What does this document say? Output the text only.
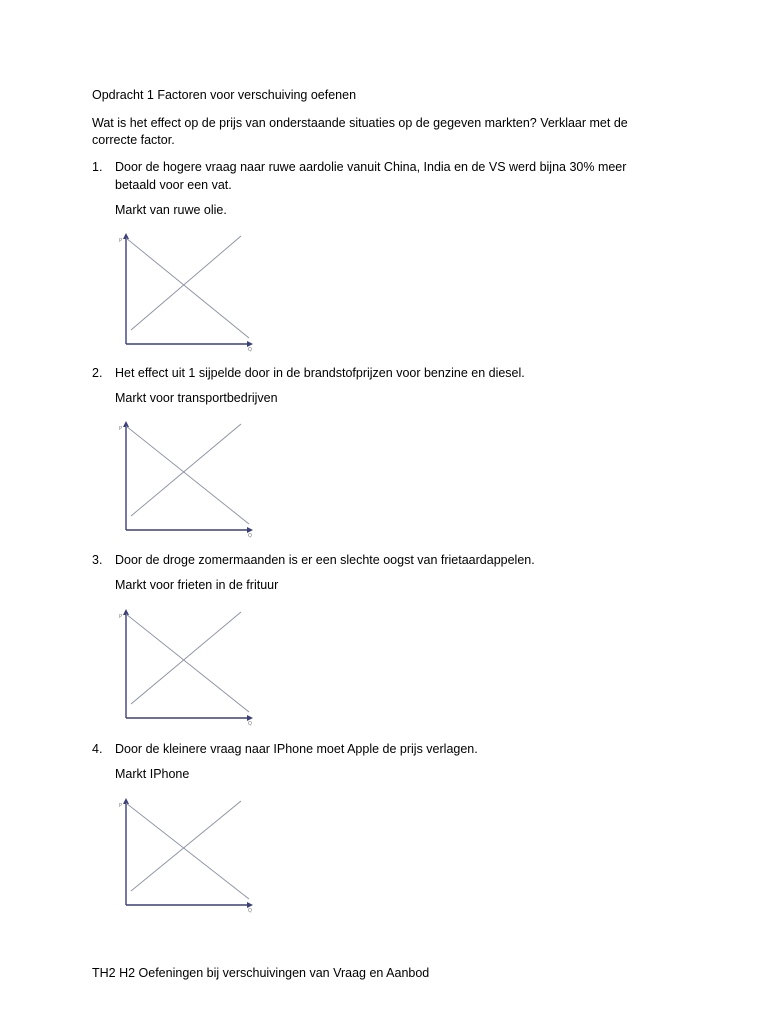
Opdracht 1 Factoren voor verschuiving oefenen
Wat is het effect op de prijs van onderstaande situaties op de gegeven markten? Verklaar met de
correcte factor.
1. Door de hogere vraag naar ruwe aardolie vanuit China, India en de VS werd bijna 30% meer
betaald voor een vat.
Markt van ruwe olie.
P
Q
2. Het effect uit 1 sijpelde door in de brandstofprijzen voor benzine en diesel.
Markt voor transportbedrijven
P
Q
3. Door de droge zomermaanden is er een slechte oogst van frietaardappelen.
Markt voor frieten in de frituur
P
Q
4. Door de kleinere vraag naar IPhone moet Apple de prijs verlagen.
Markt IPhone
P
Q
TH2 H2 Oefeningen bij verschuivingen van Vraag en Aanbod
